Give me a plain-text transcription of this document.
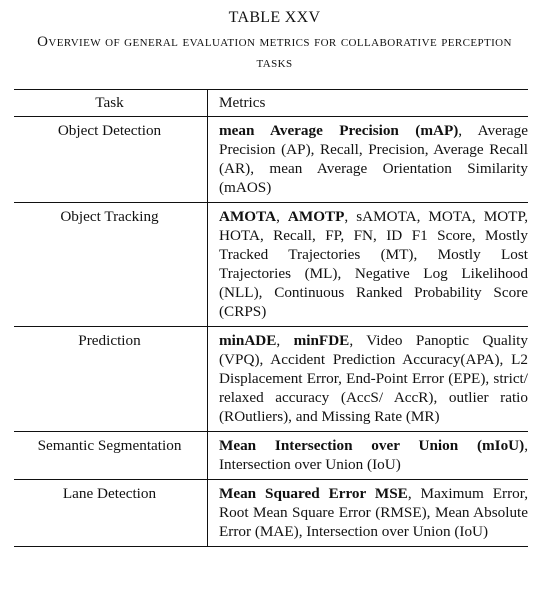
TABLE XXV
Overview of general evaluation metrics for collaborative perception tasks
Task	Metrics
Object Detection	mean Average Precision (mAP), Average Precision (AP), Recall, Precision, Average Recall (AR), mean Average Orientation Similarity (mAOS)
Object Tracking	AMOTA, AMOTP, sAMOTA, MOTA, MOTP, HOTA, Recall, FP, FN, ID F1 Score, Mostly Tracked Trajectories (MT), Mostly Lost Trajectories (ML), Negative Log Likelihood (NLL), Continuous Ranked Probability Score (CRPS)
Prediction	minADE, minFDE, Video Panoptic Quality (VPQ), Accident Prediction Accuracy(APA), L2 Displacement Error, End-Point Error (EPE), strict/ relaxed accuracy (AccS/ AccR), outlier ratio (ROutliers), and Missing Rate (MR)
Semantic Segmentation	Mean Intersection over Union (mIoU), Intersection over Union (IoU)
Lane Detection	Mean Squared Error MSE, Maximum Error, Root Mean Square Error (RMSE), Mean Absolute Error (MAE), Intersection over Union (IoU)
